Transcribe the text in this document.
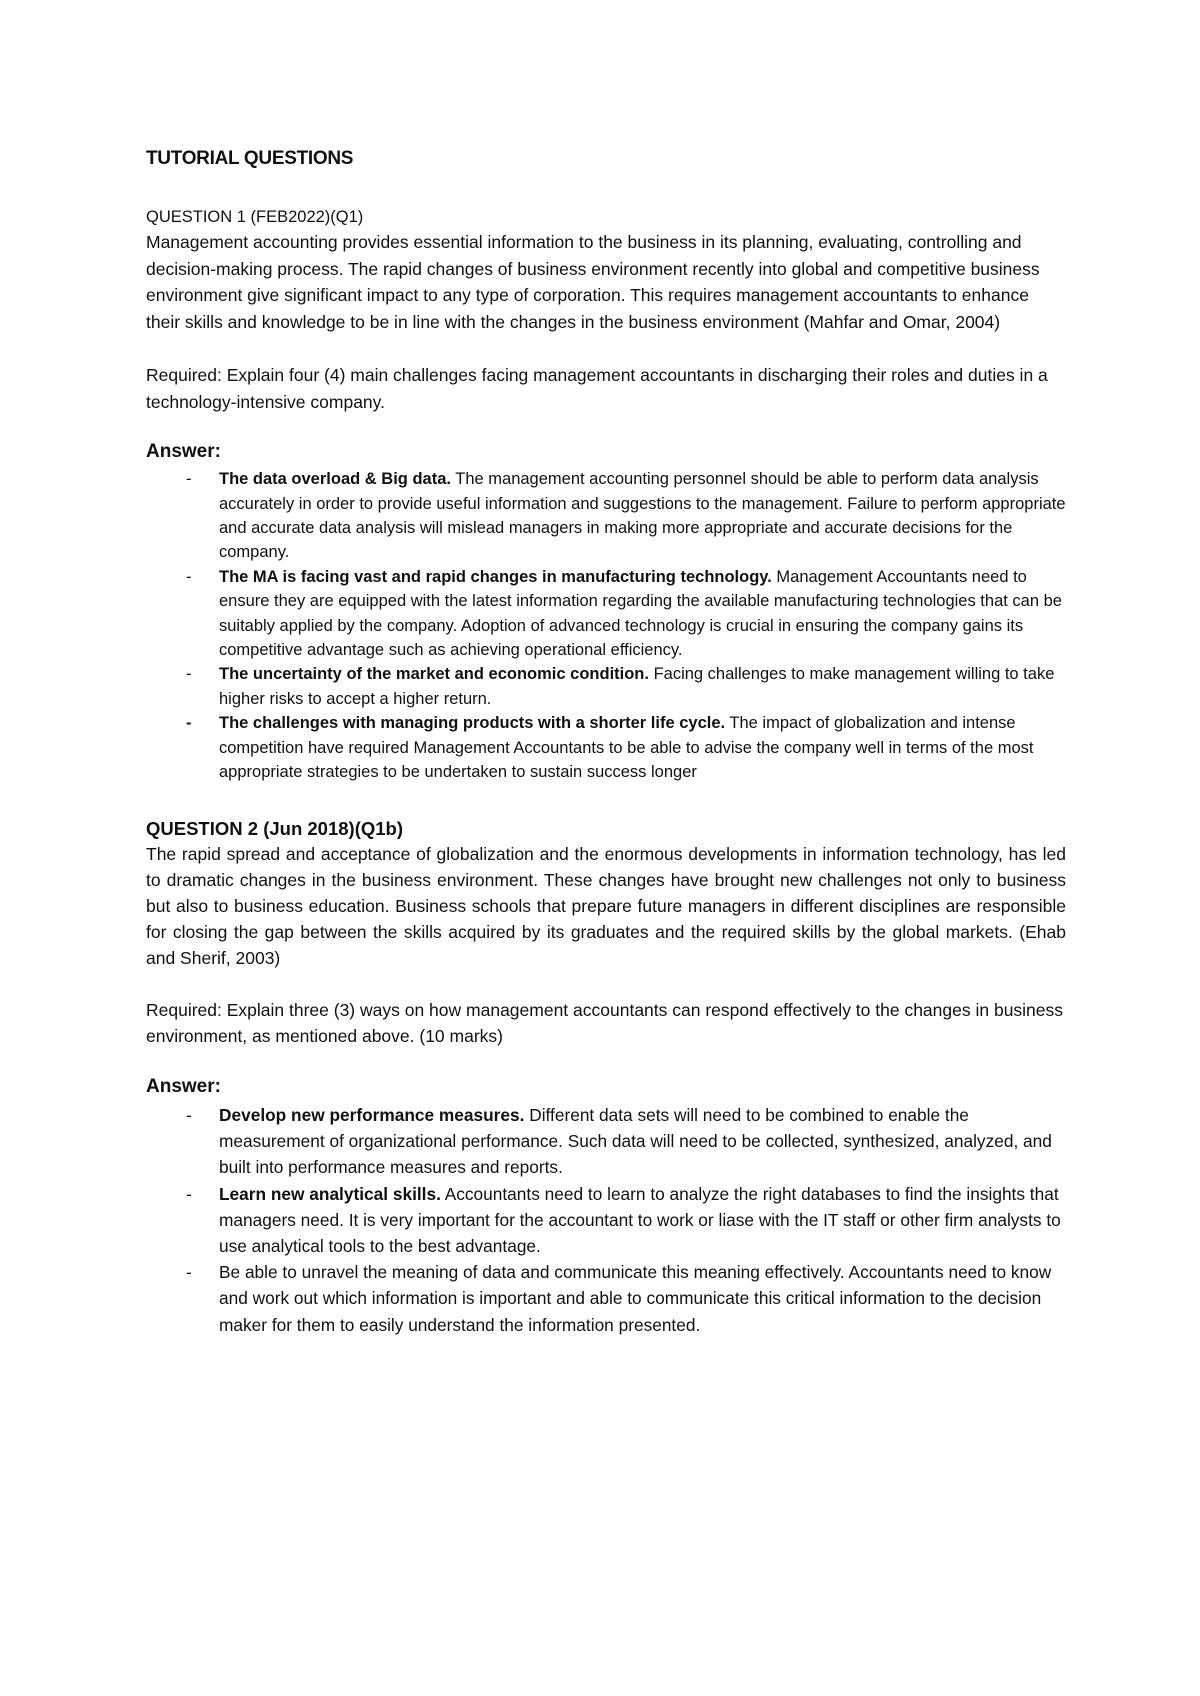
TUTORIAL QUESTIONS

QUESTION 1 (FEB2022)(Q1)

Management accounting provides essential information to the business in its planning, evaluating, controlling and decision-making process. The rapid changes of business environment recently into global and competitive business environment give significant impact to any type of corporation. This requires management accountants to enhance their skills and knowledge to be in line with the changes in the business environment (Mahfar and Omar, 2004)

Required: Explain four (4) main challenges facing management accountants in discharging their roles and duties in a technology-intensive company.

Answer:

- The data overload & Big data. The management accounting personnel should be able to perform data analysis accurately in order to provide useful information and suggestions to the management. Failure to perform appropriate and accurate data analysis will mislead managers in making more appropriate and accurate decisions for the company.
- The MA is facing vast and rapid changes in manufacturing technology. Management Accountants need to ensure they are equipped with the latest information regarding the available manufacturing technologies that can be suitably applied by the company. Adoption of advanced technology is crucial in ensuring the company gains its competitive advantage such as achieving operational efficiency.
- The uncertainty of the market and economic condition. Facing challenges to make management willing to take higher risks to accept a higher return.
- The challenges with managing products with a shorter life cycle. The impact of globalization and intense competition have required Management Accountants to be able to advise the company well in terms of the most appropriate strategies to be undertaken to sustain success longer

QUESTION 2 (Jun 2018)(Q1b)

The rapid spread and acceptance of globalization and the enormous developments in information technology, has led to dramatic changes in the business environment. These changes have brought new challenges not only to business but also to business education. Business schools that prepare future managers in different disciplines are responsible for closing the gap between the skills acquired by its graduates and the required skills by the global markets. (Ehab and Sherif, 2003)

Required: Explain three (3) ways on how management accountants can respond effectively to the changes in business environment, as mentioned above. (10 marks)

Answer:

- Develop new performance measures. Different data sets will need to be combined to enable the measurement of organizational performance. Such data will need to be collected, synthesized, analyzed, and built into performance measures and reports.
- Learn new analytical skills. Accountants need to learn to analyze the right databases to find the insights that managers need. It is very important for the accountant to work or liase with the IT staff or other firm analysts to use analytical tools to the best advantage.
- Be able to unravel the meaning of data and communicate this meaning effectively. Accountants need to know and work out which information is important and able to communicate this critical information to the decision maker for them to easily understand the information presented.
